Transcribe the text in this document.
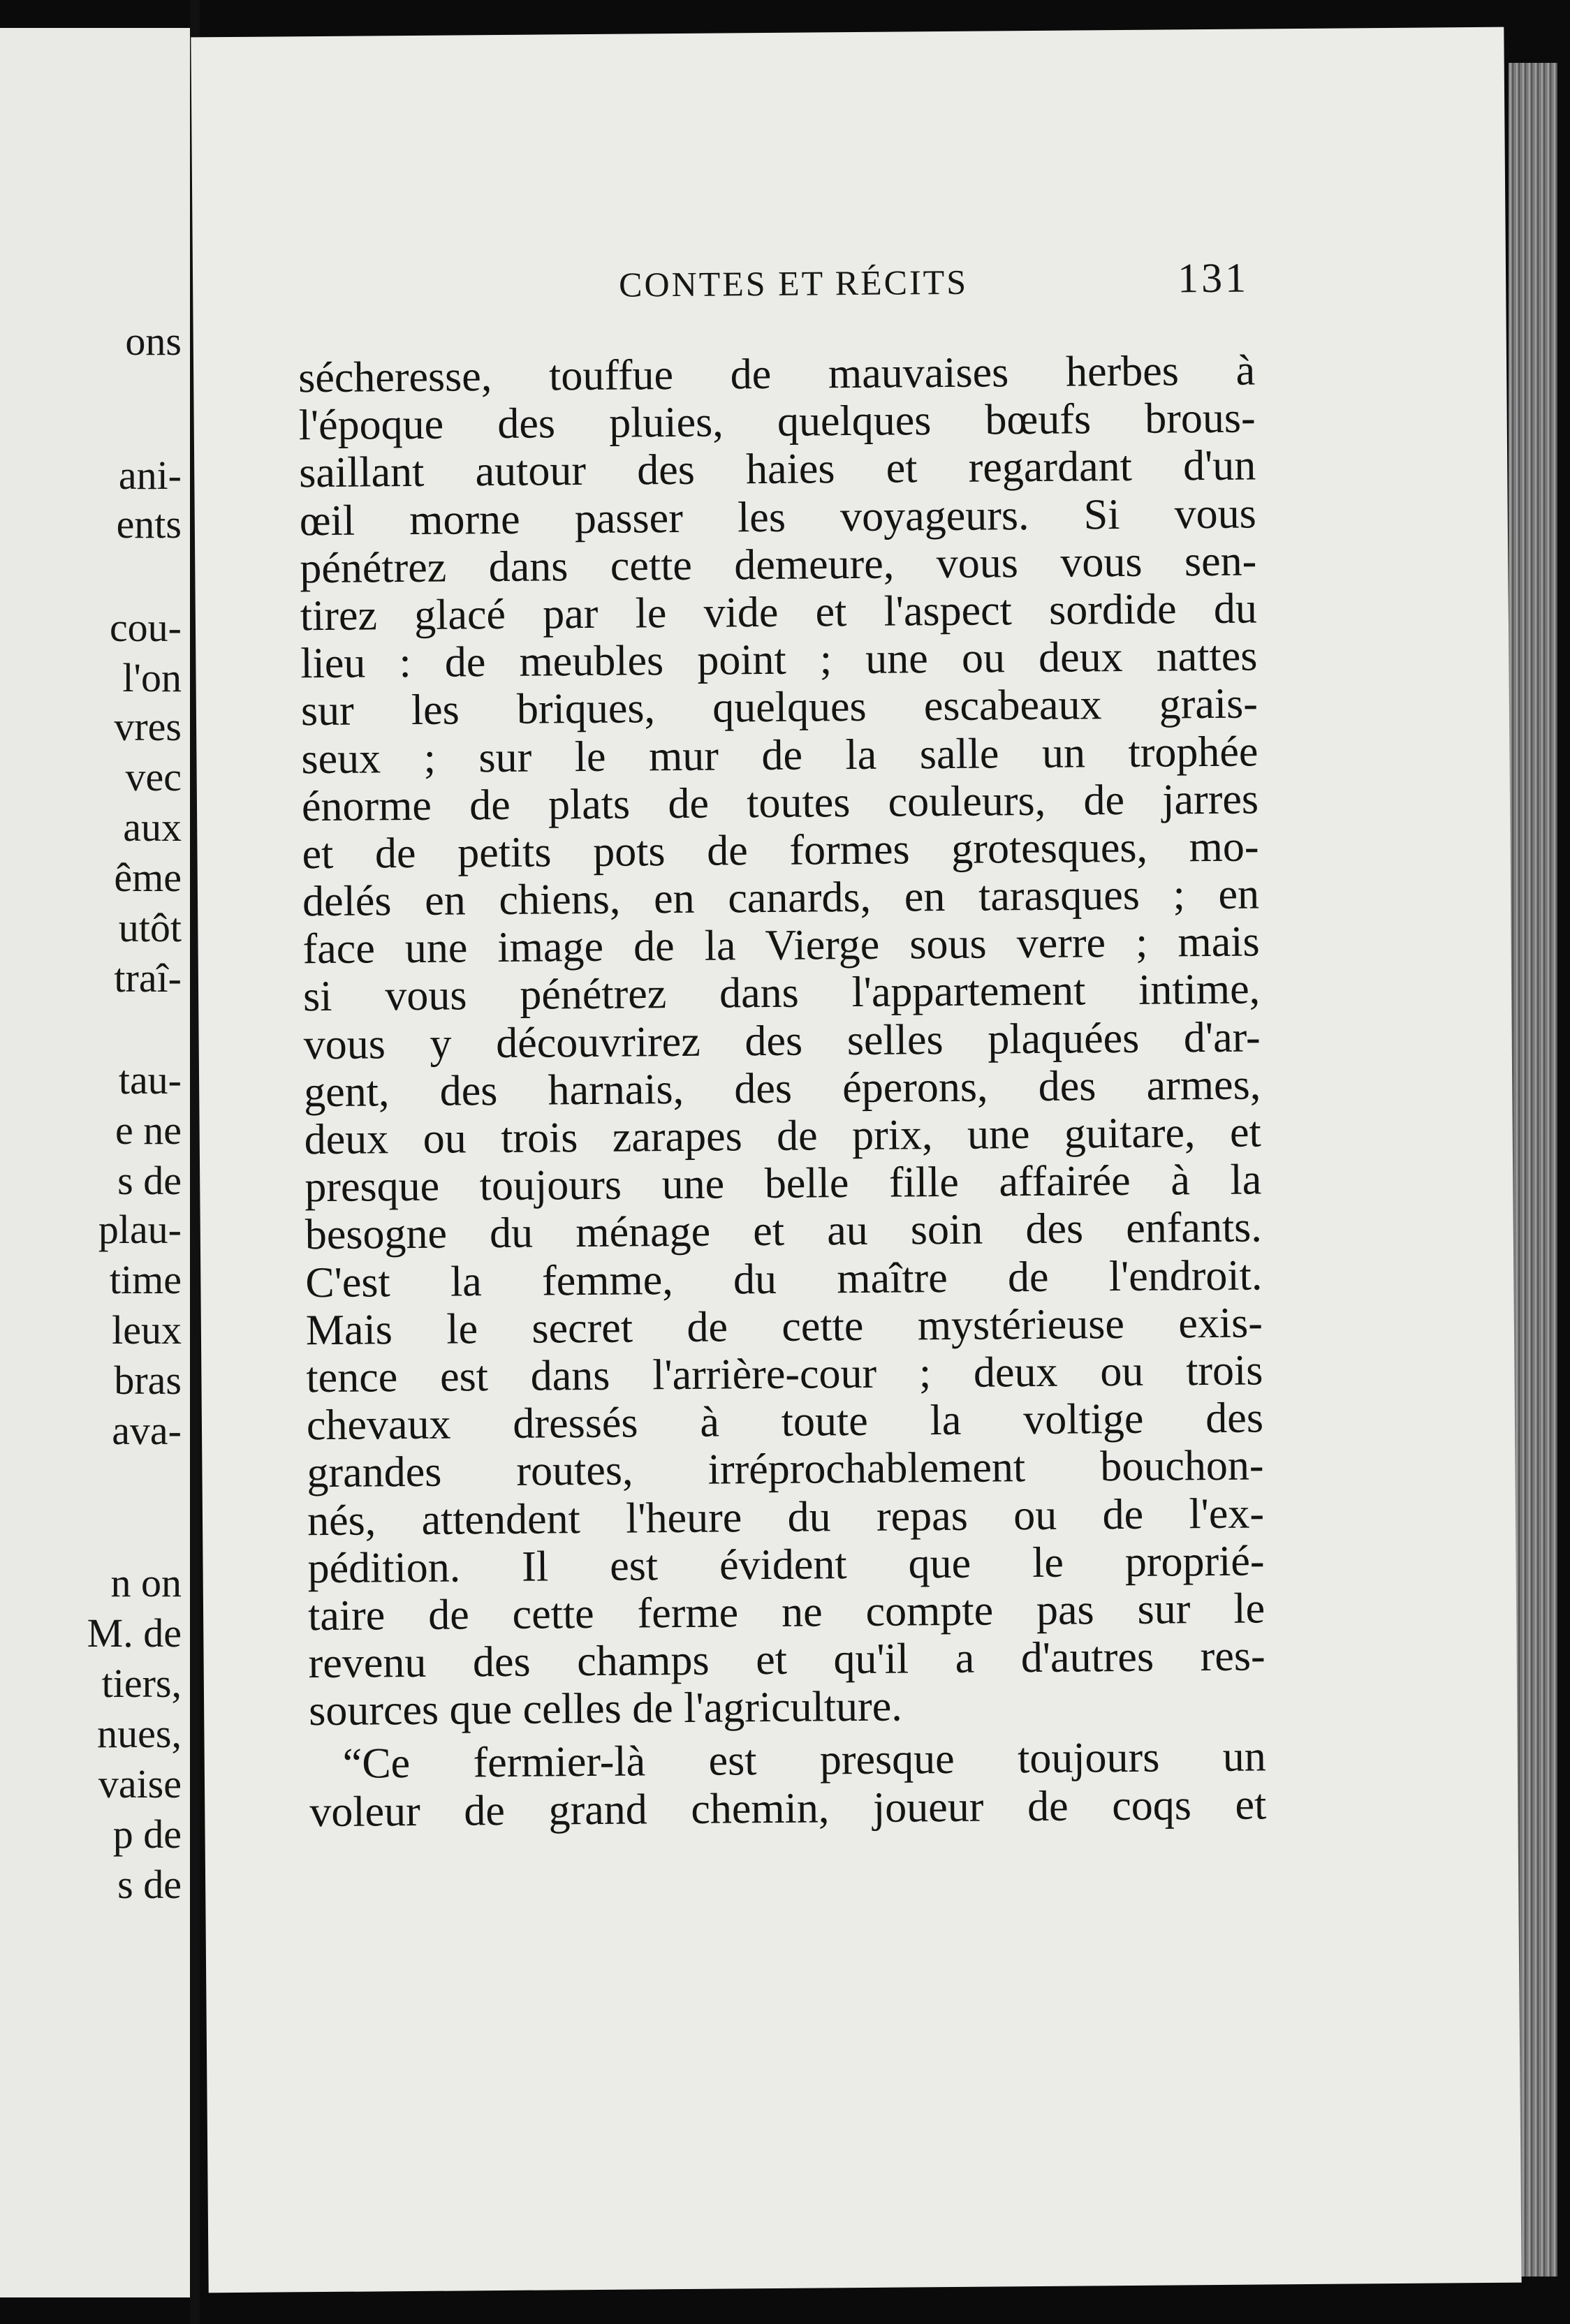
ons
ani-
ents
cou-
l'on
vres
vec
aux
ême
utôt
traî-
tau-
e ne
s de
plau-
time
leux
bras
ava-
n on
M. de
tiers,
nues,
vaise
p de
s de
CONTES ET RÉCITS	131
sécheresse, touffue de mauvaises herbes à
l'époque des pluies, quelques bœufs brous-
saillant autour des haies et regardant d'un
œil morne passer les voyageurs. Si vous
pénétrez dans cette demeure, vous vous sen-
tirez glacé par le vide et l'aspect sordide du
lieu : de meubles point ; une ou deux nattes
sur les briques, quelques escabeaux grais-
seux ; sur le mur de la salle un trophée
énorme de plats de toutes couleurs, de jarres
et de petits pots de formes grotesques, mo-
delés en chiens, en canards, en tarasques ; en
face une image de la Vierge sous verre ; mais
si vous pénétrez dans l'appartement intime,
vous y découvrirez des selles plaquées d'ar-
gent, des harnais, des éperons, des armes,
deux ou trois zarapes de prix, une guitare, et
presque toujours une belle fille affairée à la
besogne du ménage et au soin des enfants.
C'est la femme, du maître de l'endroit.
Mais le secret de cette mystérieuse exis-
tence est dans l'arrière-cour ; deux ou trois
chevaux dressés à toute la voltige des
grandes routes, irréprochablement bouchon-
nés, attendent l'heure du repas ou de l'ex-
pédition. Il est évident que le proprié-
taire de cette ferme ne compte pas sur le
revenu des champs et qu'il a d'autres res-
sources que celles de l'agriculture.
“Ce fermier-là est presque toujours un
voleur de grand chemin, joueur de coqs et
